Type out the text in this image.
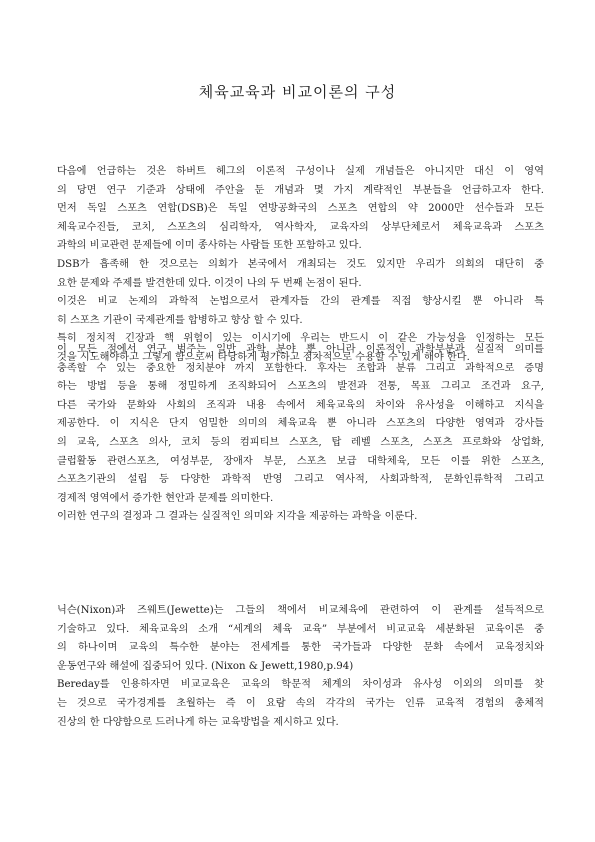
체육교육과 비교이론의 구성
다음에 언급하는 것은 하버트 헤그의 이론적 구성이나 실제 개념들은 아니지만 대신 이 영역
의 당면 연구 기준과 상태에 주안을 둔 개념과 몇 가지 계략적인 부분들을 언급하고자 한다.
먼저 독일 스포츠 연합(DSB)은 독일 연방공화국의 스포츠 연합의 약 2000만 선수들과 모든
체육교수진들, 코치, 스포츠의 심리학자, 역사학자, 교육자의 상부단체로서 체육교육과 스포츠
과학의 비교관련 문제들에 이미 종사하는 사람들 또한 포함하고 있다.
DSB가 흡족해 한 것으로는 의회가 본국에서 개최되는 것도 있지만 우리가 의회의 대단히 중
요한 문제와 주제를 발견한데 있다. 이것이 나의 두 번째 논점이 된다.
이것은 비교 논제의 과학적 논법으로서 관계자들 간의 관계를 직접 향상시킬 뿐 아니라 특
히 스포츠 기관이 국제관계를 합병하고 향상 할 수 있다.
특히 정치적 긴장과 핵 위험이 있는 이시기에 우리는 반드시 이 같은 가능성을 인정하는 모든
것을 시도해야하고 그렇게 함으로써 타당하게 평가하고 점차적으로 수용할 수 있게 해야 한다.
이 모든 점에서 연구 범주는 일반 과학 분야 뿐 아니라 이론적인 과학부분과 실질적 의미를
충족할 수 있는 중요한 정치분야 까지 포함한다. 후자는 조합과 분류 그리고 과학적으로 증명
하는 방법 등을 통해 정밀하게 조직화되어 스포츠의 발전과 전통, 목표 그리고 조건과 요구,
다른 국가와 문화와 사회의 조직과 내용 속에서 체육교육의 차이와 유사성을 이해하고 지식을
제공한다. 이 지식은 단지 엄밀한 의미의 체육교육 뿐 아니라 스포츠의 다양한 영역과 강사들
의 교육, 스포츠 의사, 코치 등의 컴피티브 스포츠, 탑 레벨 스포츠, 스포츠 프로화와 상업화,
클럽활동 관련스포츠, 여성부문, 장애자 부문, 스포츠 보급 대학체육, 모든 이를 위한 스포츠,
스포츠기관의 설립 등 다양한 과학적 반영 그리고 역사적, 사회과학적, 문화인류학적 그리고
경제적 영역에서 증가한 현안과 문제를 의미한다.
이러한 연구의 결정과 그 결과는 실질적인 의미와 지각을 제공하는 과학을 이룬다.
닉슨(Nixon)과 즈웨트(Jewette)는 그들의 책에서 비교체육에 관련하여 이 관계를 설득적으로
기술하고 있다. 체육교육의 소개 “세계의 체육 교육” 부분에서 비교교육 세분화된 교육이론 중
의 하나이며 교육의 특수한 분야는 전세계를 통한 국가들과 다양한 문화 속에서 교육정치와
운동연구와 해설에 집중되어 있다. (Nixon & Jewett,1980,p.94)
Bereday를 인용하자면 비교교육은 교육의 학문적 체계의 차이성과 유사성 이외의 의미를 찾
는 것으로 국가경계를 초월하는 즉 이 요람 속의 각각의 국가는 인류 교육적 경험의 총체적
진상의 한 다양함으로 드러나게 하는 교육방법을 제시하고 있다.
